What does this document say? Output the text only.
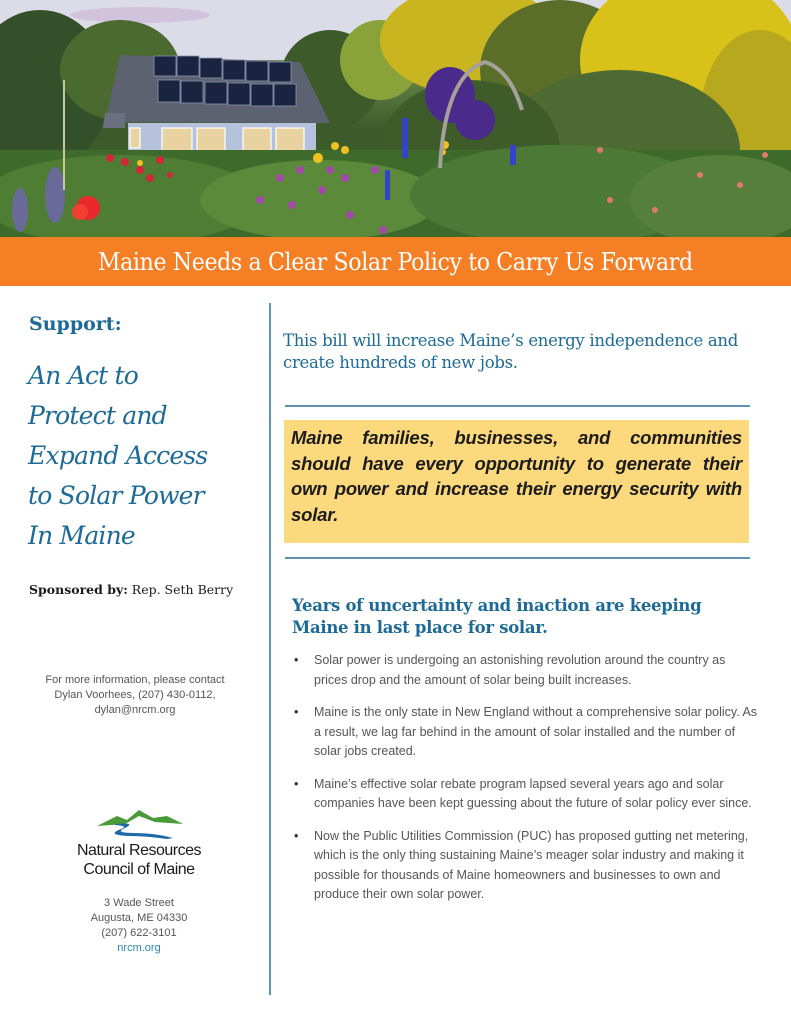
Maine Needs a Clear Solar Policy to Carry Us Forward
Support:
An Act to
Protect and
Expand Access
to Solar Power
In Maine
Sponsored by: Rep. Seth Berry
For more information, please contact
Dylan Voorhees, (207) 430-0112,
dylan@nrcm.org
Natural Resources
Council of Maine
3 Wade Street
Augusta, ME 04330
(207) 622-3101
nrcm.org
This bill will increase Maine’s energy independence and create hundreds of new jobs.
Maine families, businesses, and communities should have every opportunity to generate their own power and increase their energy security with solar.
Years of uncertainty and inaction are keeping Maine in last place for solar.
• Solar power is undergoing an astonishing revolution around the country as prices drop and the amount of solar being built increases.
• Maine is the only state in New England without a comprehensive solar policy. As a result, we lag far behind in the amount of solar installed and the number of solar jobs created.
• Maine’s effective solar rebate program lapsed several years ago and solar companies have been kept guessing about the future of solar policy ever since.
• Now the Public Utilities Commission (PUC) has proposed gutting net metering, which is the only thing sustaining Maine’s meager solar industry and making it possible for thousands of Maine homeowners and businesses to own and produce their own solar power.
